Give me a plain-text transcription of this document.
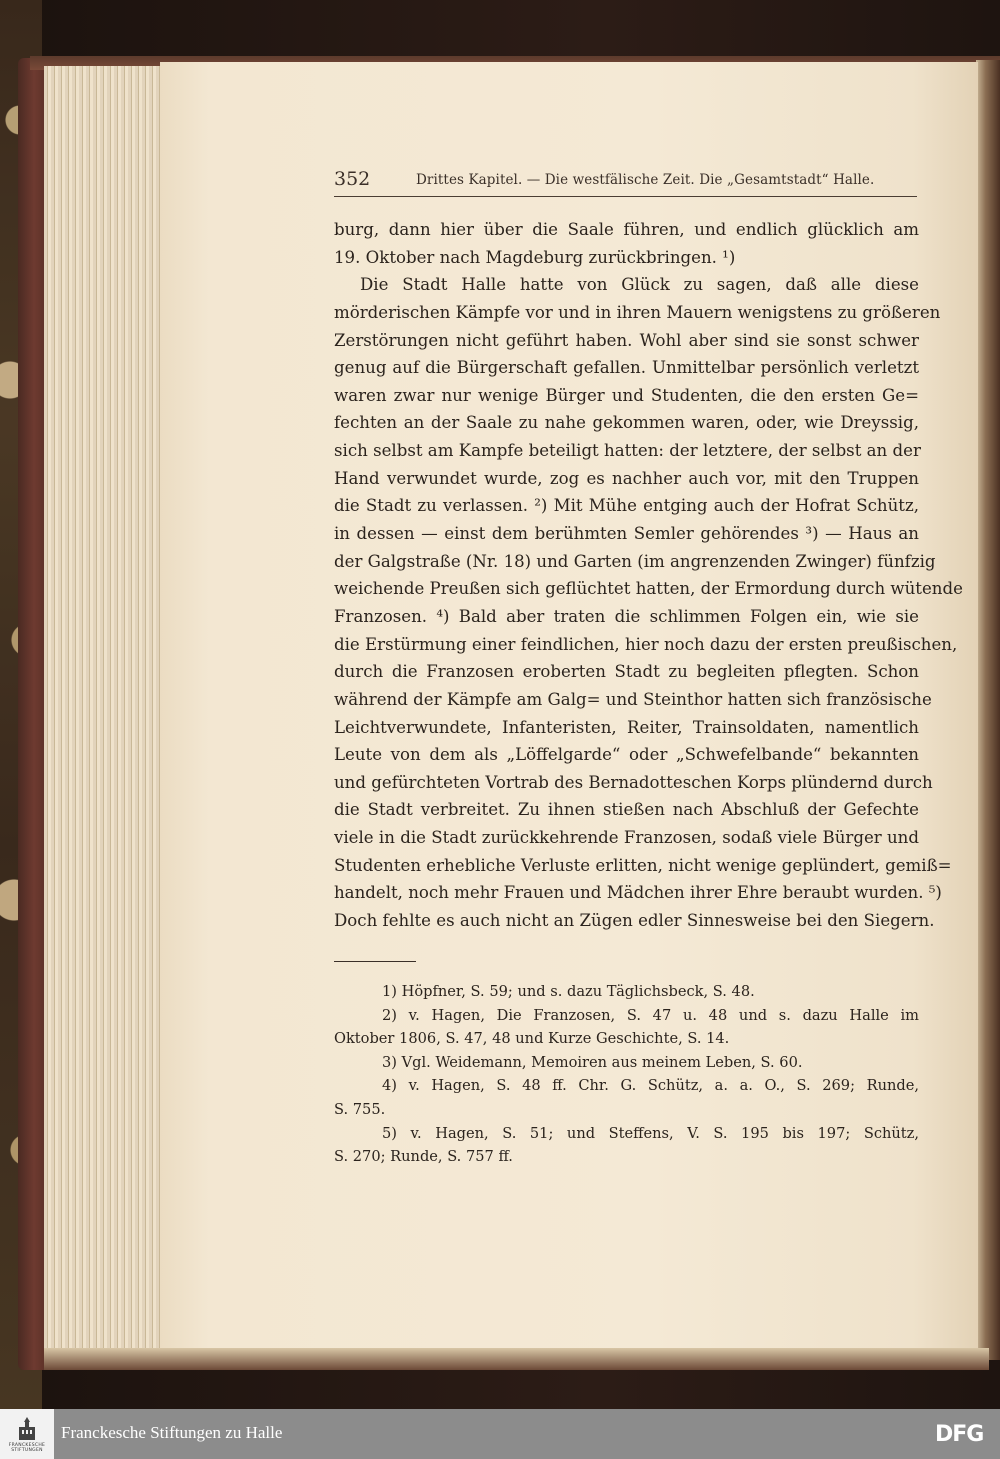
352	Drittes Kapitel. — Die westfälische Zeit. Die „Gesamtstadt“ Halle.
burg, dann hier über die Saale führen, und endlich glücklich am
19. Oktober nach Magdeburg zurückbringen. ¹)
Die Stadt Halle hatte von Glück zu sagen, daß alle diese
mörderischen Kämpfe vor und in ihren Mauern wenigstens zu größeren
Zerstörungen nicht geführt haben. Wohl aber sind sie sonst schwer
genug auf die Bürgerschaft gefallen. Unmittelbar persönlich verletzt
waren zwar nur wenige Bürger und Studenten, die den ersten Ge=
fechten an der Saale zu nahe gekommen waren, oder, wie Dreyssig,
sich selbst am Kampfe beteiligt hatten: der letztere, der selbst an der
Hand verwundet wurde, zog es nachher auch vor, mit den Truppen
die Stadt zu verlassen. ²) Mit Mühe entging auch der Hofrat Schütz,
in dessen — einst dem berühmten Semler gehörendes ³) — Haus an
der Galgstraße (Nr. 18) und Garten (im angrenzenden Zwinger) fünfzig
weichende Preußen sich geflüchtet hatten, der Ermordung durch wütende
Franzosen. ⁴) Bald aber traten die schlimmen Folgen ein, wie sie
die Erstürmung einer feindlichen, hier noch dazu der ersten preußischen,
durch die Franzosen eroberten Stadt zu begleiten pflegten. Schon
während der Kämpfe am Galg= und Steinthor hatten sich französische
Leichtverwundete, Infanteristen, Reiter, Trainsoldaten, namentlich
Leute von dem als „Löffelgarde“ oder „Schwefelbande“ bekannten
und gefürchteten Vortrab des Bernadotteschen Korps plündernd durch
die Stadt verbreitet. Zu ihnen stießen nach Abschluß der Gefechte
viele in die Stadt zurückkehrende Franzosen, sodaß viele Bürger und
Studenten erhebliche Verluste erlitten, nicht wenige geplündert, gemiß=
handelt, noch mehr Frauen und Mädchen ihrer Ehre beraubt wurden. ⁵)
Doch fehlte es auch nicht an Zügen edler Sinnesweise bei den Siegern.
1) Höpfner, S. 59; und s. dazu Täglichsbeck, S. 48.
2) v. Hagen, Die Franzosen, S. 47 u. 48 und s. dazu Halle im
Oktober 1806, S. 47, 48 und Kurze Geschichte, S. 14.
3) Vgl. Weidemann, Memoiren aus meinem Leben, S. 60.
4) v. Hagen, S. 48 ff. Chr. G. Schütz, a. a. O., S. 269; Runde,
S. 755.
5) v. Hagen, S. 51; und Steffens, V. S. 195 bis 197; Schütz,
S. 270; Runde, S. 757 ff.
FRANCKESCHE STIFTUNGEN
Franckesche Stiftungen zu Halle	DFG
